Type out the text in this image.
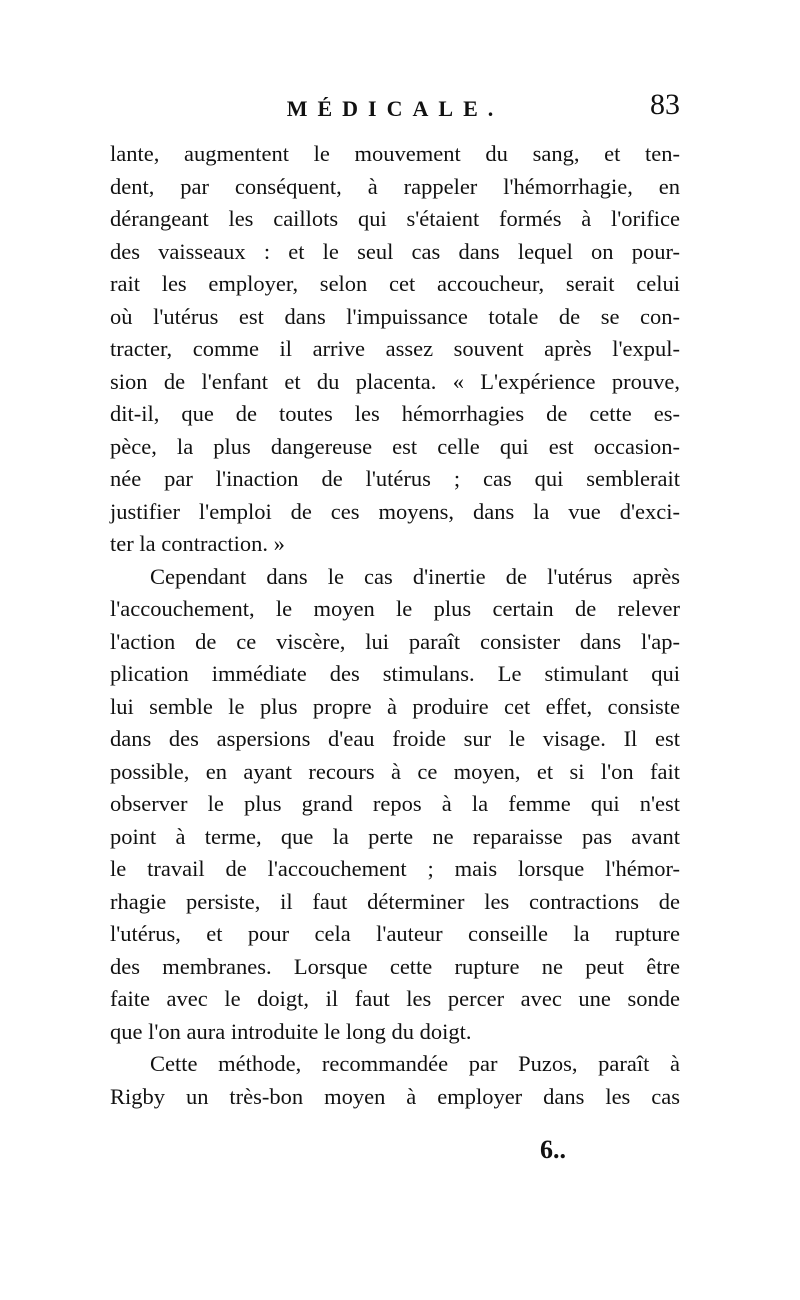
MÉDICALE.	83
lante, augmentent le mouvement du sang, et ten-
dent, par conséquent, à rappeler l'hémorrhagie, en
dérangeant les caillots qui s'étaient formés à l'orifice
des vaisseaux : et le seul cas dans lequel on pour-
rait les employer, selon cet accoucheur, serait celui
où l'utérus est dans l'impuissance totale de se con-
tracter, comme il arrive assez souvent après l'expul-
sion de l'enfant et du placenta. « L'expérience prouve,
dit-il, que de toutes les hémorrhagies de cette es-
pèce, la plus dangereuse est celle qui est occasion-
née par l'inaction de l'utérus ; cas qui semblerait
justifier l'emploi de ces moyens, dans la vue d'exci-
ter la contraction. »
Cependant dans le cas d'inertie de l'utérus après
l'accouchement, le moyen le plus certain de relever
l'action de ce viscère, lui paraît consister dans l'ap-
plication immédiate des stimulans. Le stimulant qui
lui semble le plus propre à produire cet effet, consiste
dans des aspersions d'eau froide sur le visage. Il est
possible, en ayant recours à ce moyen, et si l'on fait
observer le plus grand repos à la femme qui n'est
point à terme, que la perte ne reparaisse pas avant
le travail de l'accouchement ; mais lorsque l'hémor-
rhagie persiste, il faut déterminer les contractions de
l'utérus, et pour cela l'auteur conseille la rupture
des membranes. Lorsque cette rupture ne peut être
faite avec le doigt, il faut les percer avec une sonde
que l'on aura introduite le long du doigt.
Cette méthode, recommandée par Puzos, paraît à
Rigby un très-bon moyen à employer dans les cas
6..
